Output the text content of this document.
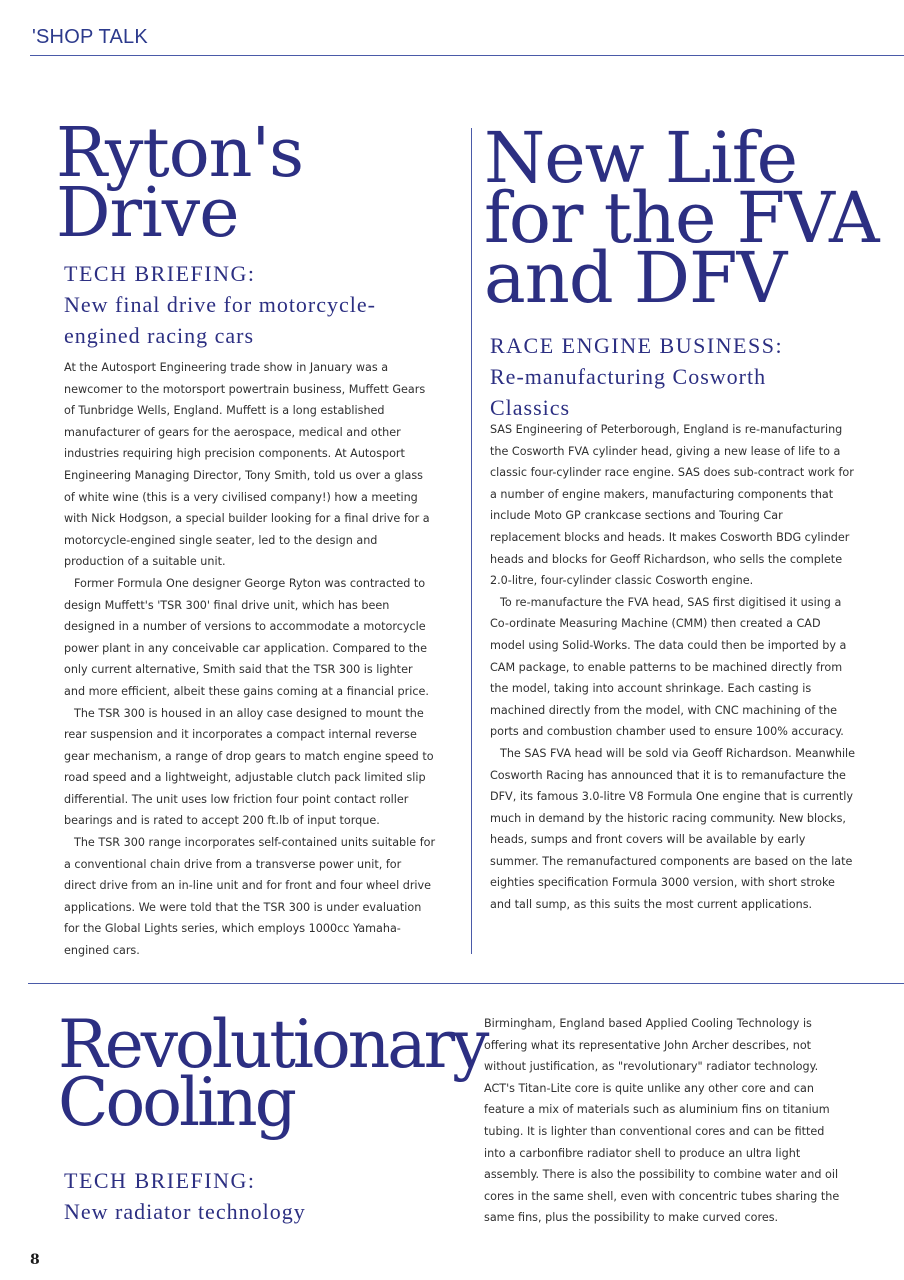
'SHOP TALK
Ryton's
Drive
TECH BRIEFING:
New final drive for motorcycle-
engined racing cars

At the Autosport Engineering trade show in January was a newcomer to the motorsport powertrain business, Muffett Gears of Tunbridge Wells, England. Muffett is a long established manufacturer of gears for the aerospace, medical and other industries requiring high precision components. At Autosport Engineering Managing Director, Tony Smith, told us over a glass of white wine (this is a very civilised company!) how a meeting with Nick Hodgson, a special builder looking for a final drive for a motorcycle-engined single seater, led to the design and production of a suitable unit.

Former Formula One designer George Ryton was contracted to design Muffett's 'TSR 300' final drive unit, which has been designed in a number of versions to accommodate a motorcycle power plant in any conceivable car application. Compared to the only current alternative, Smith said that the TSR 300 is lighter and more efficient, albeit these gains coming at a financial price.

The TSR 300 is housed in an alloy case designed to mount the rear suspension and it incorporates a compact internal reverse gear mechanism, a range of drop gears to match engine speed to road speed and a lightweight, adjustable clutch pack limited slip differential. The unit uses low friction four point contact roller bearings and is rated to accept 200 ft.lb of input torque.

The TSR 300 range incorporates self-contained units suitable for a conventional chain drive from a transverse power unit, for direct drive from an in-line unit and for front and four wheel drive applications. We were told that the TSR 300 is under evaluation for the Global Lights series, which employs 1000cc Yamaha-engined cars.

New Life
for the FVA
and DFV
RACE ENGINE BUSINESS:
Re-manufacturing Cosworth
Classics

SAS Engineering of Peterborough, England is re-manufacturing the Cosworth FVA cylinder head, giving a new lease of life to a classic four-cylinder race engine. SAS does sub-contract work for a number of engine makers, manufacturing components that include Moto GP crankcase sections and Touring Car replacement blocks and heads. It makes Cosworth BDG cylinder heads and blocks for Geoff Richardson, who sells the complete 2.0-litre, four-cylinder classic Cosworth engine.

To re-manufacture the FVA head, SAS first digitised it using a Co-ordinate Measuring Machine (CMM) then created a CAD model using Solid-Works. The data could then be imported by a CAM package, to enable patterns to be machined directly from the model, taking into account shrinkage. Each casting is machined directly from the model, with CNC machining of the ports and combustion chamber used to ensure 100% accuracy.

The SAS FVA head will be sold via Geoff Richardson. Meanwhile Cosworth Racing has announced that it is to remanufacture the DFV, its famous 3.0-litre V8 Formula One engine that is currently much in demand by the historic racing community. New blocks, heads, sumps and front covers will be available by early summer. The remanufactured components are based on the late eighties specification Formula 3000 version, with short stroke and tall sump, as this suits the most current applications.

Revolutionary
Cooling
TECH BRIEFING:
New radiator technology

Birmingham, England based Applied Cooling Technology is offering what its representative John Archer describes, not without justification, as "revolutionary" radiator technology. ACT's Titan-Lite core is quite unlike any other core and can feature a mix of materials such as aluminium fins on titanium tubing. It is lighter than conventional cores and can be fitted into a carbonfibre radiator shell to produce an ultra light assembly. There is also the possibility to combine water and oil cores in the same shell, even with concentric tubes sharing the same fins, plus the possibility to make curved cores.

8
